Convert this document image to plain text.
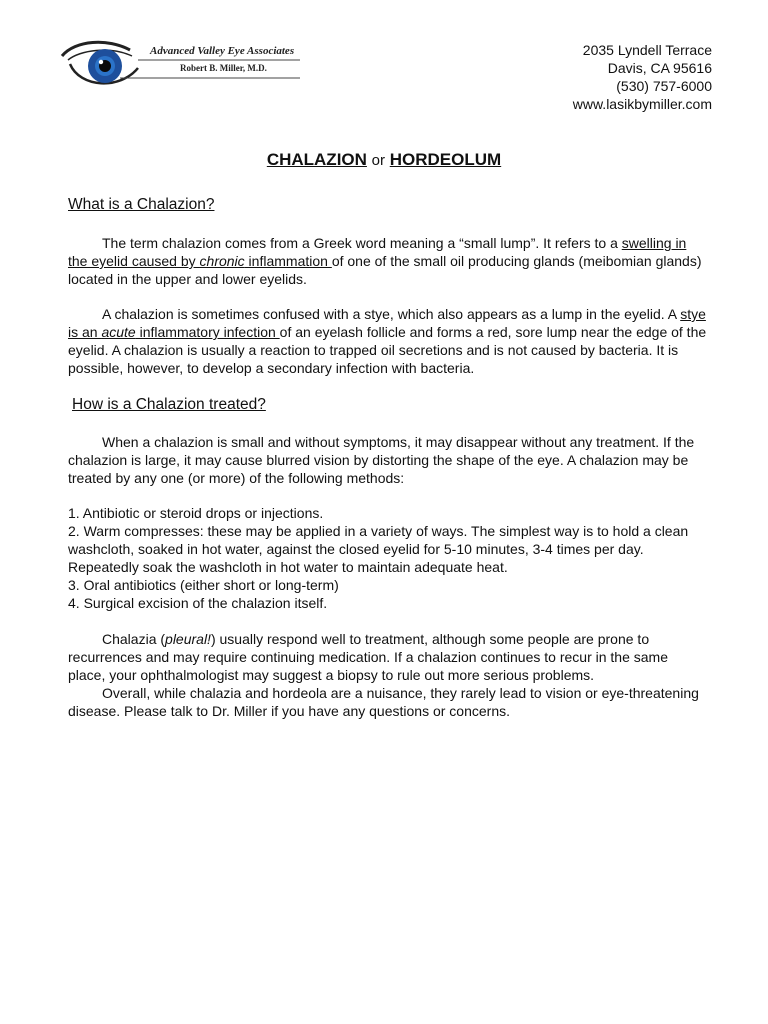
Advanced Valley Eye Associates
Robert B. Miller, M.D.
2035 Lyndell Terrace
Davis, CA 95616
(530) 757-6000
www.lasikbymiller.com
CHALAZION or HORDEOLUM
What is a Chalazion?

The term chalazion comes from a Greek word meaning a “small lump”. It refers to a swelling in the eyelid caused by chronic inflammation of one of the small oil producing glands (meibomian glands) located in the upper and lower eyelids.

A chalazion is sometimes confused with a stye, which also appears as a lump in the eyelid. A stye is an acute inflammatory infection of an eyelash follicle and forms a red, sore lump near the edge of the eyelid. A chalazion is usually a reaction to trapped oil secretions and is not caused by bacteria. It is possible, however, to develop a secondary infection with bacteria.

How is a Chalazion treated?

When a chalazion is small and without symptoms, it may disappear without any treatment. If the chalazion is large, it may cause blurred vision by distorting the shape of the eye. A chalazion may be treated by any one (or more) of the following methods:

1. Antibiotic or steroid drops or injections.
2. Warm compresses: these may be applied in a variety of ways. The simplest way is to hold a clean washcloth, soaked in hot water, against the closed eyelid for 5-10 minutes, 3-4 times per day. Repeatedly soak the washcloth in hot water to maintain adequate heat.
3. Oral antibiotics (either short or long-term)
4. Surgical excision of the chalazion itself.

Chalazia (pleural!) usually respond well to treatment, although some people are prone to recurrences and may require continuing medication. If a chalazion continues to recur in the same place, your ophthalmologist may suggest a biopsy to rule out more serious problems.

Overall, while chalazia and hordeola are a nuisance, they rarely lead to vision or eye-threatening disease. Please talk to Dr. Miller if you have any questions or concerns.
